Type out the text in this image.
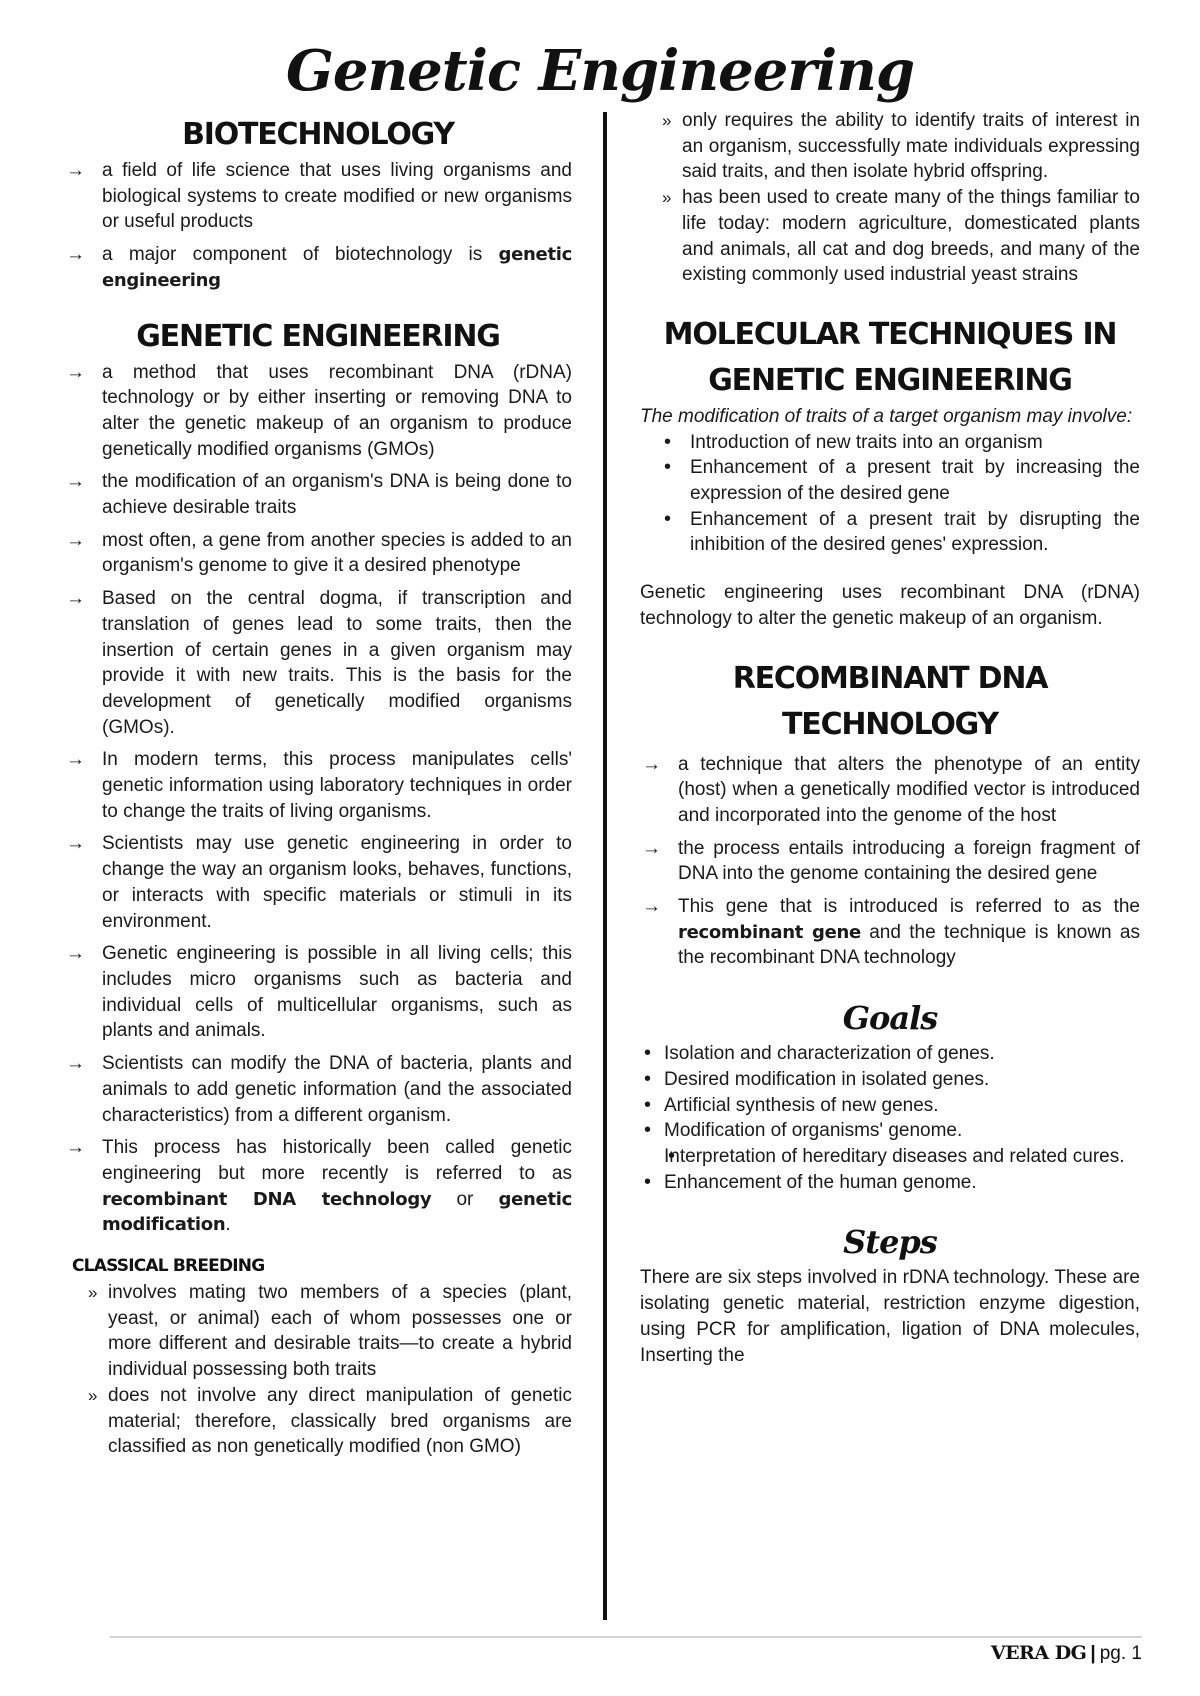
Genetic Engineering
BIOTECHNOLOGY
→ a field of life science that uses living organisms and biological systems to create modified or new organisms or useful products
→ a major component of biotechnology is genetic engineering
GENETIC ENGINEERING
→ a method that uses recombinant DNA (rDNA) technology or by either inserting or removing DNA to alter the genetic makeup of an organism to produce genetically modified organisms (GMOs)
→ the modification of an organism's DNA is being done to achieve desirable traits
→ most often, a gene from another species is added to an organism's genome to give it a desired phenotype
→ Based on the central dogma, if transcription and translation of genes lead to some traits, then the insertion of certain genes in a given organism may provide it with new traits. This is the basis for the development of genetically modified organisms (GMOs).
→ In modern terms, this process manipulates cells' genetic information using laboratory techniques in order to change the traits of living organisms.
→ Scientists may use genetic engineering in order to change the way an organism looks, behaves, functions, or interacts with specific materials or stimuli in its environment.
→ Genetic engineering is possible in all living cells; this includes micro organisms such as bacteria and individual cells of multicellular organisms, such as plants and animals.
→ Scientists can modify the DNA of bacteria, plants and animals to add genetic information (and the associated characteristics) from a different organism.
→ This process has historically been called genetic engineering but more recently is referred to as recombinant DNA technology or genetic modification.
CLASSICAL BREEDING
» involves mating two members of a species (plant, yeast, or animal) each of whom possesses one or more different and desirable traits—to create a hybrid individual possessing both traits
» does not involve any direct manipulation of genetic material; therefore, classically bred organisms are classified as non genetically modified (non GMO)
» only requires the ability to identify traits of interest in an organism, successfully mate individuals expressing said traits, and then isolate hybrid offspring.
» has been used to create many of the things familiar to life today: modern agriculture, domesticated plants and animals, all cat and dog breeds, and many of the existing commonly used industrial yeast strains
MOLECULAR TECHNIQUES IN
GENETIC ENGINEERING

The modification of traits of a target organism may involve:

• Introduction of new traits into an organism
• Enhancement of a present trait by increasing the expression of the desired gene
• Enhancement of a present trait by disrupting the inhibition of the desired genes' expression.

Genetic engineering uses recombinant DNA (rDNA) technology to alter the genetic makeup of an organism.

RECOMBINANT DNA TECHNOLOGY
→ a technique that alters the phenotype of an entity (host) when a genetically modified vector is introduced and incorporated into the genome of the host
→ the process entails introducing a foreign fragment of DNA into the genome containing the desired gene
→ This gene that is introduced is referred to as the recombinant gene and the technique is known as the recombinant DNA technology
Goals
• Isolation and characterization of genes.
• Desired modification in isolated genes.
• Artificial synthesis of new genes.
• Modification of organisms' genome.
• Interpretation of hereditary diseases and related cures.
• Enhancement of the human genome.
Steps

There are six steps involved in rDNA technology. These are isolating genetic material, restriction enzyme digestion, using PCR for amplification, ligation of DNA molecules, Inserting the

VERA DG | pg. 1
